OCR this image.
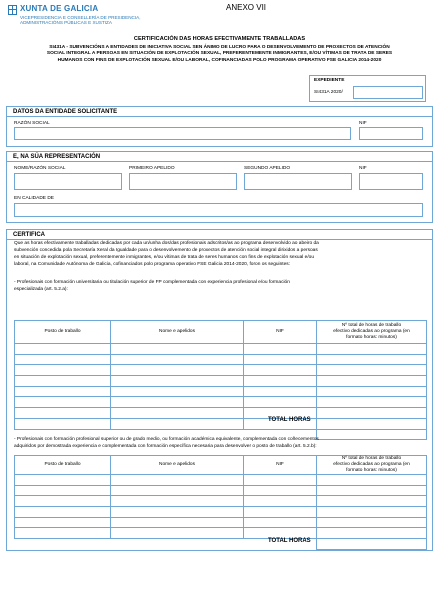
XUNTA DE GALICIA
VICEPRESIDENCIA E CONSELLERÍA DE PRESIDENCIA,
ADMINISTRACIÓNS PÚBLICAS E XUSTIZA
ANEXO VII
CERTIFICACIÓN DAS HORAS EFECTIVAMENTE TRABALLADAS
SI431A - SUBVENCIÓNS A ENTIDADES DE INICIATIVA SOCIAL SEN ÁNIMO DE LUCRO PARA O DESENVOLVEMENTO DE PROXECTOS DE ATENCIÓN
SOCIAL INTEGRAL A PERSOAS EN SITUACIÓN DE EXPLOTACIÓN SEXUAL, PREFERENTEMENTE INMIGRANTES, E/OU VÍTIMAS DE TRATA DE SERES
HUMANOS CON FINS DE EXPLOTACIÓN SEXUAL E/OU LABORAL, COFINANCIADAS POLO PROGRAMA OPERATIVO FSE GALICIA 2014-2020
EXPEDIENTE
SI431A 2020/
DATOS DA ENTIDADE SOLICITANTE
RAZÓN SOCIAL	NIF
E, NA SÚA REPRESENTACIÓN
NOME/RAZÓN SOCIAL	PRIMEIRO APELIDO	SEGUNDO APELIDO	NIF
EN CALIDADE DE
CERTIFICA
Que as horas efectivamente traballadas dedicadas por cada un/unha dos/das profesionais adscritos/as ao programa desenvolvido ao abeiro da
subvención concedida pola Secretaría Xeral da Igualdade para o desenvolvemento de proxectos de atención social integral dirixidos a persoas
en situación de explotación sexual, preferentemente inmigrantes, e/ou vítimas de trata de seres humanos con fins de explotación sexual e/ou
laboral, na Comunidade Autónoma de Galicia, cofinanciados polo programa operativo FSE Galicia 2014-2020, foron os seguintes:
- Profesionais con formación universitaria ou titulación superior de FP complementada con experiencia profesional e/ou formación
especializada (art. 5.2.a):
Posto de traballo	Nome e apelidos	NIF	Nº total de horas de traballo
efectivo dedicadas ao programa (en
formato horas: minutos)

TOTAL HORAS
- Profesionais con formación profesional superior ou de grado medio, ou formación académica equivalente, complementada con coñecementos
adquiridos por demostrada experiencia e complementada con formación específica necesaria para desenvolver o posto de traballo (art. 5.2.b):
Posto de traballo	Nome e apelidos	NIF	Nº total de horas de traballo
efectivo dedicadas ao programa (en
formato horas: minutos)

TOTAL HORAS
